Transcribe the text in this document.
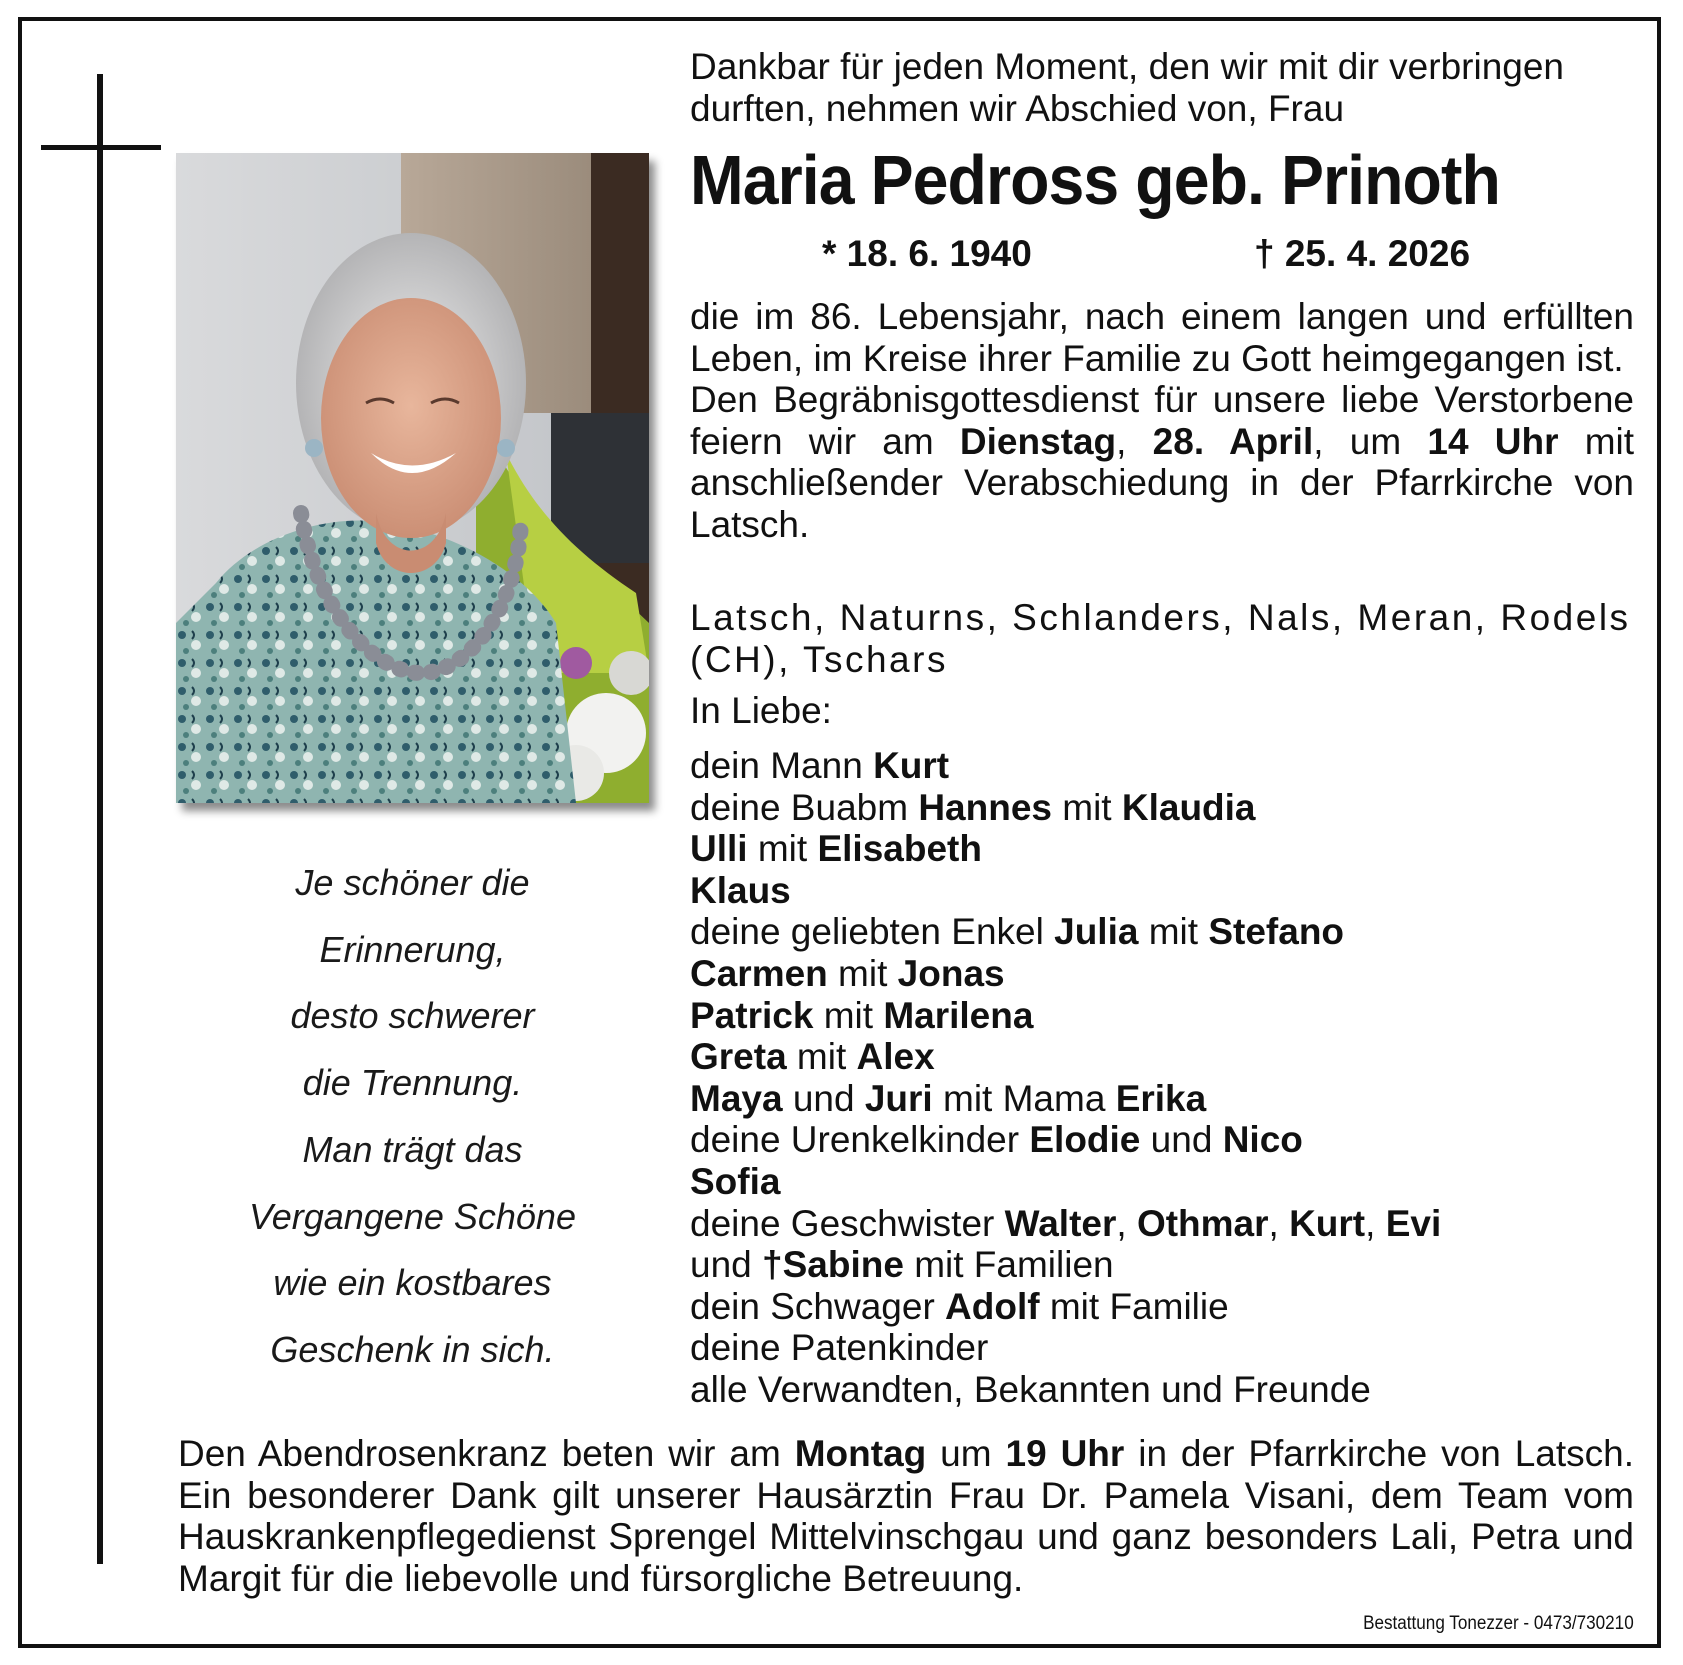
Je schöner die
Erinnerung,
desto schwerer
die Trennung.
Man trägt das
Vergangene Schöne
wie ein kostbares
Geschenk in sich.
Dankbar für jeden Moment, den wir mit dir verbringen durften, nehmen wir Abschied von, Frau
Maria Pedross geb. Prinoth
* 18. 6. 1940	† 25. 4. 2026
die im 86. Lebensjahr, nach einem langen und erfüllten Leben, im Kreise ihrer Familie zu Gott heimgegangen ist.
Den Begräbnisgottesdienst für unsere liebe Verstorbene feiern wir am Dienstag, 28. April, um 14 Uhr mit anschließender Verabschiedung in der Pfarrkirche von Latsch.
Latsch, Naturns, Schlanders, Nals, Meran, Rodels (CH), Tschars
In Liebe:
dein Mann Kurt
deine Buabm Hannes mit Klaudia
Ulli mit Elisabeth
Klaus
deine geliebten Enkel Julia mit Stefano
Carmen mit Jonas
Patrick mit Marilena
Greta mit Alex
Maya und Juri mit Mama Erika
deine Urenkelkinder Elodie und Nico
Sofia
deine Geschwister Walter, Othmar, Kurt, Evi
und †Sabine mit Familien
dein Schwager Adolf mit Familie
deine Patenkinder
alle Verwandten, Bekannten und Freunde
Den Abendrosenkranz beten wir am Montag um 19 Uhr in der Pfarrkirche von Latsch. Ein besonderer Dank gilt unserer Hausärztin Frau Dr. Pamela Visani, dem Team vom Hauskrankenpflegedienst Sprengel Mittelvinschgau und ganz besonders Lali, Petra und Margit für die liebevolle und fürsorgliche Betreuung.
Bestattung Tonezzer - 0473/730210
